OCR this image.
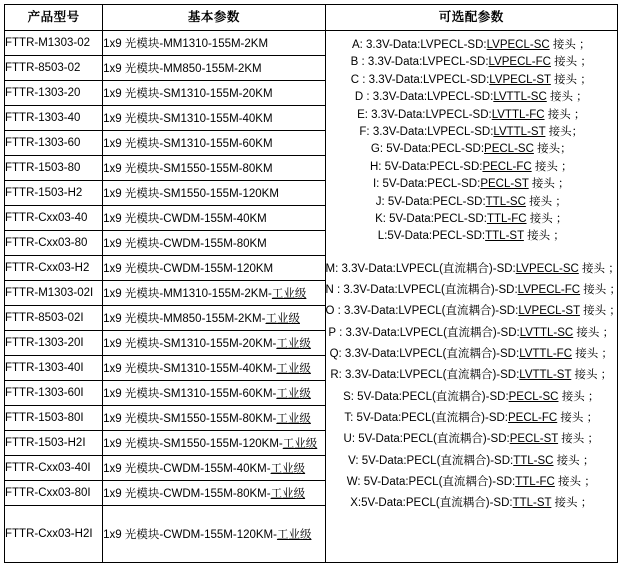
产品型号	基本参数	可选配参数
FTTR-M1303-02	1x9 光模块-MM1310-155M-2KM	A: 3.3V-Data:LVPECL-SD:LVPECL-SC 接头 ；
B : 3.3V-Data:LVPECL-SD:LVPECL-FC 接头 ；
C : 3.3V-Data:LVPECL-SD:LVPECL-ST 接头 ；
D : 3.3V-Data:LVPECL-SD:LVTTL-SC 接头 ；
E: 3.3V-Data:LVPECL-SD:LVTTL-FC 接头 ；
F: 3.3V-Data:LVPECL-SD:LVTTL-ST 接头；
G: 5V-Data:PECL-SD:PECL-SC 接头；
H: 5V-Data:PECL-SD:PECL-FC 接头 ；
I: 5V-Data:PECL-SD:PECL-ST 接头 ；
J: 5V-Data:PECL-SD:TTL-SC 接头 ；
K: 5V-Data:PECL-SD:TTL-FC 接头 ；
L:5V-Data:PECL-SD:TTL-ST 接头 ；
M: 3.3V-Data:LVPECL(直流耦合)-SD:LVPECL-SC 接头 ；
N : 3.3V-Data:LVPECL(直流耦合)-SD:LVPECL-FC 接头 ；
O : 3.3V-Data:LVPECL(直流耦合)-SD:LVPECL-ST 接头 ；
P : 3.3V-Data:LVPECL(直流耦合)-SD:LVTTL-SC 接头 ；
Q: 3.3V-Data:LVPECL(直流耦合)-SD:LVTTL-FC 接头 ；
R: 3.3V-Data:LVPECL(直流耦合)-SD:LVTTL-ST 接头 ；
S: 5V-Data:PECL(直流耦合)-SD:PECL-SC 接头 ；
T: 5V-Data:PECL(直流耦合)-SD:PECL-FC 接头 ；
U: 5V-Data:PECL(直流耦合)-SD:PECL-ST 接头 ；
V: 5V-Data:PECL(直流耦合)-SD:TTL-SC 接头 ；
W: 5V-Data:PECL(直流耦合)-SD:TTL-FC 接头 ；
X:5V-Data:PECL(直流耦合)-SD:TTL-ST 接头 ；

FTTR-8503-02	1x9 光模块-MM850-155M-2KM	
FTTR-1303-20	1x9 光模块-SM1310-155M-20KM	
FTTR-1303-40	1x9 光模块-SM1310-155M-40KM	
FTTR-1303-60	1x9 光模块-SM1310-155M-60KM	
FTTR-1503-80	1x9 光模块-SM1550-155M-80KM	
FTTR-1503-H2	1x9 光模块-SM1550-155M-120KM	
FTTR-Cxx03-40	1x9 光模块-CWDM-155M-40KM	
FTTR-Cxx03-80	1x9 光模块-CWDM-155M-80KM	
FTTR-Cxx03-H2	1x9 光模块-CWDM-155M-120KM	
FTTR-M1303-02I	1x9 光模块-MM1310-155M-2KM-工业级	
FTTR-8503-02I	1x9 光模块-MM850-155M-2KM-工业级	
FTTR-1303-20I	1x9 光模块-SM1310-155M-20KM-工业级	
FTTR-1303-40I	1x9 光模块-SM1310-155M-40KM-工业级	
FTTR-1303-60I	1x9 光模块-SM1310-155M-60KM-工业级	
FTTR-1503-80I	1x9 光模块-SM1550-155M-80KM-工业级	
FTTR-1503-H2I	1x9 光模块-SM1550-155M-120KM-工业级	
FTTR-Cxx03-40I	1x9 光模块-CWDM-155M-40KM-工业级	
FTTR-Cxx03-80I	1x9 光模块-CWDM-155M-80KM-工业级	
FTTR-Cxx03-H2I	1x9 光模块-CWDM-155M-120KM-工业级	
